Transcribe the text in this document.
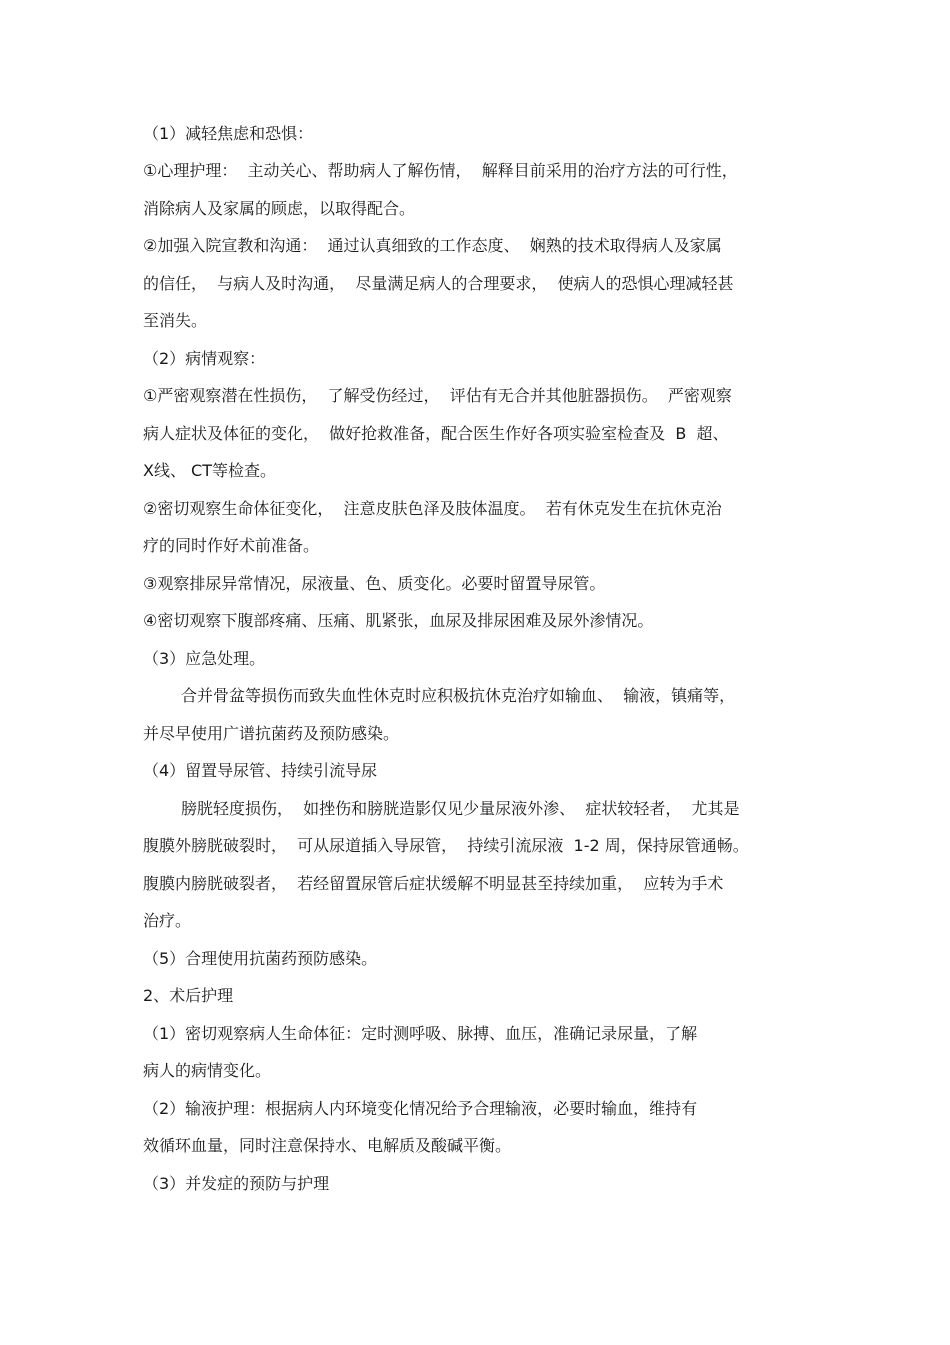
（1）减轻焦虑和恐惧：
①心理护理：  主动关心、帮助病人了解伤情，  解释目前采用的治疗方法的可行性，
消除病人及家属的顾虑，以取得配合。
②加强入院宣教和沟通：  通过认真细致的工作态度、  娴熟的技术取得病人及家属
的信任，  与病人及时沟通，  尽量满足病人的合理要求，  使病人的恐惧心理减轻甚
至消失。
（2）病情观察：
①严密观察潜在性损伤，  了解受伤经过，  评估有无合并其他脏器损伤。  严密观察
病人症状及体征的变化，  做好抢救准备，配合医生作好各项实验室检查及  B  超、
X线、 CT等检查。
②密切观察生命体征变化，  注意皮肤色泽及肢体温度。  若有休克发生在抗休克治
疗的同时作好术前准备。
③观察排尿异常情况，尿液量、色、质变化。必要时留置导尿管。
④密切观察下腹部疼痛、压痛、肌紧张，血尿及排尿困难及尿外渗情况。
（3）应急处理。
合并骨盆等损伤而致失血性休克时应积极抗休克治疗如输血、  输液，镇痛等，
并尽早使用广谱抗菌药及预防感染。
（4）留置导尿管、持续引流导尿
膀胱轻度损伤，  如挫伤和膀胱造影仅见少量尿液外渗、  症状较轻者，  尤其是
腹膜外膀胱破裂时，  可从尿道插入导尿管，  持续引流尿液  1-2 周，保持尿管通畅。
腹膜内膀胱破裂者，  若经留置尿管后症状缓解不明显甚至持续加重，  应转为手术
治疗。
（5）合理使用抗菌药预防感染。
2、术后护理
（1）密切观察病人生命体征：定时测呼吸、脉搏、血压，准确记录尿量，了解
病人的病情变化。
（2）输液护理：根据病人内环境变化情况给予合理输液，必要时输血，维持有
效循环血量，同时注意保持水、电解质及酸碱平衡。
（3）并发症的预防与护理
